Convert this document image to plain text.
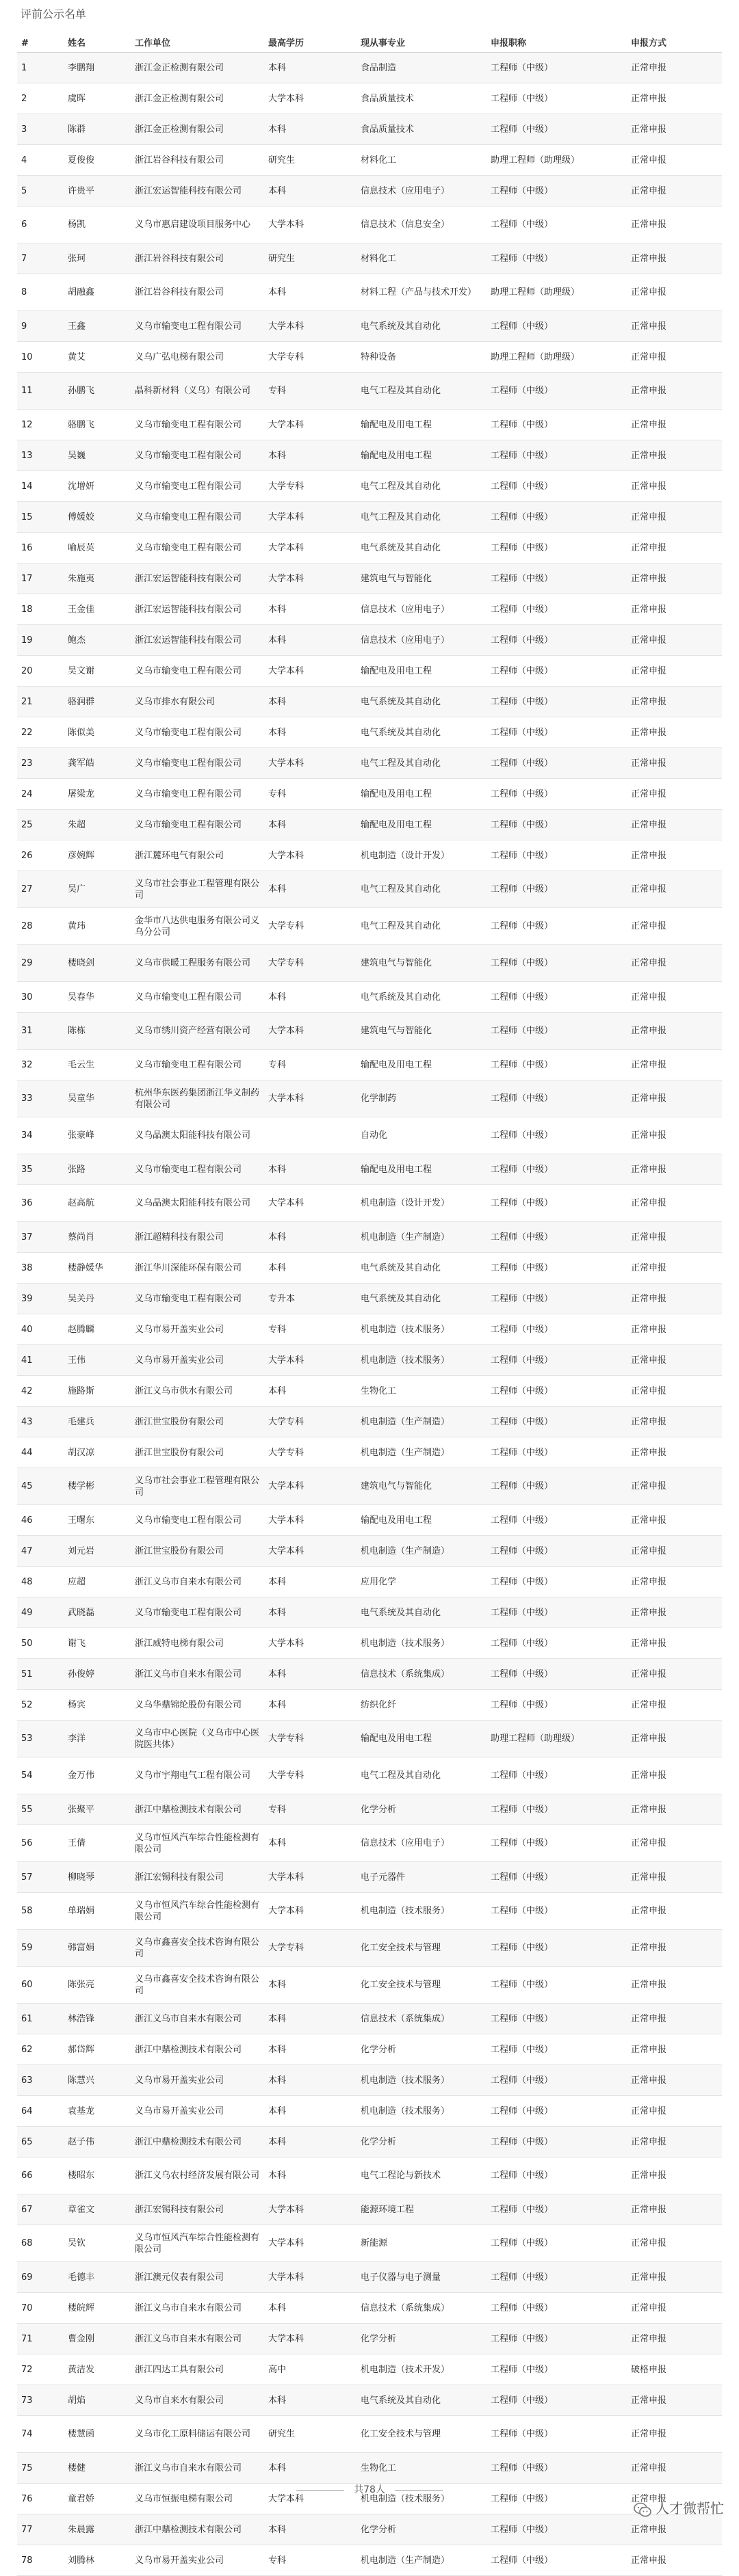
评前公示名单
#	姓名	工作单位	最高学历	现从事专业	申报职称	申报方式
1	李鹏翔	浙江金正检测有限公司	本科	食品制造	工程师（中级）	正常申报
2	虞晖	浙江金正检测有限公司	大学本科	食品质量技术	工程师（中级）	正常申报
3	陈群	浙江金正检测有限公司	本科	食品质量技术	工程师（中级）	正常申报
4	夏俊俊	浙江岩谷科技有限公司	研究生	材料化工	助理工程师（助理级）	正常申报
5	许贵平	浙江宏运智能科技有限公司	本科	信息技术（应用电子）	工程师（中级）	正常申报
6	杨凯	义乌市惠启建设项目服务中心	大学本科	信息技术（信息安全）	工程师（中级）	正常申报
7	张珂	浙江岩谷科技有限公司	研究生	材料化工	工程师（中级）	正常申报
8	胡融鑫	浙江岩谷科技有限公司	本科	材料工程（产品与技术开发）	助理工程师（助理级）	正常申报
9	王鑫	义乌市输变电工程有限公司	大学本科	电气系统及其自动化	工程师（中级）	正常申报
10	黄艾	义乌广弘电梯有限公司	大学专科	特种设备	助理工程师（助理级）	正常申报
11	孙鹏飞	晶科新材料（义乌）有限公司	专科	电气工程及其自动化	工程师（中级）	正常申报
12	骆鹏飞	义乌市输变电工程有限公司	大学本科	输配电及用电工程	工程师（中级）	正常申报
13	吴巍	义乌市输变电工程有限公司	本科	输配电及用电工程	工程师（中级）	正常申报
14	沈增妍	义乌市输变电工程有限公司	大学专科	电气工程及其自动化	工程师（中级）	正常申报
15	傅媛姣	义乌市输变电工程有限公司	大学本科	电气工程及其自动化	工程师（中级）	正常申报
16	喻辰英	义乌市输变电工程有限公司	大学本科	电气系统及其自动化	工程师（中级）	正常申报
17	朱施夷	浙江宏运智能科技有限公司	大学本科	建筑电气与智能化	工程师（中级）	正常申报
18	王金佳	浙江宏运智能科技有限公司	本科	信息技术（应用电子）	工程师（中级）	正常申报
19	鲍杰	浙江宏运智能科技有限公司	本科	信息技术（应用电子）	工程师（中级）	正常申报
20	吴文谢	义乌市输变电工程有限公司	大学本科	输配电及用电工程	工程师（中级）	正常申报
21	骆润群	义乌市排水有限公司	本科	电气系统及其自动化	工程师（中级）	正常申报
22	陈似美	义乌市输变电工程有限公司	本科	电气系统及其自动化	工程师（中级）	正常申报
23	龚军皓	义乌市输变电工程有限公司	大学本科	电气工程及其自动化	工程师（中级）	正常申报
24	屠梁龙	义乌市输变电工程有限公司	专科	输配电及用电工程	工程师（中级）	正常申报
25	朱超	义乌市输变电工程有限公司	本科	输配电及用电工程	工程师（中级）	正常申报
26	彦婉辉	浙江麓环电气有限公司	大学本科	机电制造（设计开发）	工程师（中级）	正常申报
27	吴广	义乌市社会事业工程管理有限公司	本科	电气工程及其自动化	工程师（中级）	正常申报
28	黄玮	金华市八达供电服务有限公司义乌分公司	大学专科	电气工程及其自动化	工程师（中级）	正常申报
29	楼晓剑	义乌市供暖工程服务有限公司	大学专科	建筑电气与智能化	工程师（中级）	正常申报
30	吴春华	义乌市输变电工程有限公司	本科	电气系统及其自动化	工程师（中级）	正常申报
31	陈栋	义乌市绣川资产经营有限公司	大学本科	建筑电气与智能化	工程师（中级）	正常申报
32	毛云生	义乌市输变电工程有限公司	专科	输配电及用电工程	工程师（中级）	正常申报
33	吴童华	杭州华东医药集团浙江华义制药有限公司	大学本科	化学制药	工程师（中级）	正常申报
34	张豪峰	义乌晶澳太阳能科技有限公司		自动化	工程师（中级）	正常申报
35	张路	义乌市输变电工程有限公司	本科	输配电及用电工程	工程师（中级）	正常申报
36	赵高航	义乌晶澳太阳能科技有限公司	大学本科	机电制造（设计开发）	工程师（中级）	正常申报
37	蔡尚肖	浙江超精科技有限公司	本科	机电制造（生产制造）	工程师（中级）	正常申报
38	楼静媛华	浙江华川深能环保有限公司	本科	电气系统及其自动化	工程师（中级）	正常申报
39	吴关丹	义乌市输变电工程有限公司	专升本	电气系统及其自动化	工程师（中级）	正常申报
40	赵腾麟	义乌市易开盖实业公司	专科	机电制造（技术服务）	工程师（中级）	正常申报
41	王伟	义乌市易开盖实业公司	大学本科	机电制造（技术服务）	工程师（中级）	正常申报
42	施路斯	浙江义乌市供水有限公司	本科	生物化工	工程师（中级）	正常申报
43	毛建兵	浙江世宝股份有限公司	大学专科	机电制造（生产制造）	工程师（中级）	正常申报
44	胡汉凉	浙江世宝股份有限公司	大学专科	机电制造（生产制造）	工程师（中级）	正常申报
45	楼学彬	义乌市社会事业工程管理有限公司	大学本科	建筑电气与智能化	工程师（中级）	正常申报
46	王曙东	义乌市输变电工程有限公司	大学本科	输配电及用电工程	工程师（中级）	正常申报
47	刘元岩	浙江世宝股份有限公司	大学本科	机电制造（生产制造）	工程师（中级）	正常申报
48	应超	浙江义乌市自来水有限公司	本科	应用化学	工程师（中级）	正常申报
49	武晓磊	义乌市输变电工程有限公司	本科	电气系统及其自动化	工程师（中级）	正常申报
50	谢飞	浙江威特电梯有限公司	大学本科	机电制造（技术服务）	工程师（中级）	正常申报
51	孙俊婷	浙江义乌市自来水有限公司	本科	信息技术（系统集成）	工程师（中级）	正常申报
52	杨宾	义乌华鼎锦纶股份有限公司	本科	纺织化纤	工程师（中级）	正常申报
53	李洋	义乌市中心医院（义乌市中心医院医共体）	大学专科	输配电及用电工程	助理工程师（助理级）	正常申报
54	金万伟	义乌市宇翔电气工程有限公司	大学专科	电气工程及其自动化	工程师（中级）	正常申报
55	张聚平	浙江中鼎检测技术有限公司	专科	化学分析	工程师（中级）	正常申报
56	王倩	义乌市恒风汽车综合性能检测有限公司	本科	信息技术（应用电子）	工程师（中级）	正常申报
57	柳晓琴	浙江宏锡科技有限公司	大学本科	电子元器件	工程师（中级）	正常申报
58	单瑞娟	义乌市恒风汽车综合性能检测有限公司	大学本科	机电制造（技术服务）	工程师（中级）	正常申报
59	韩富娟	义乌市鑫喜安全技术咨询有限公司	大学专科	化工安全技术与管理	工程师（中级）	正常申报
60	陈张亮	义乌市鑫喜安全技术咨询有限公司	本科	化工安全技术与管理	工程师（中级）	正常申报
61	林浩锋	浙江义乌市自来水有限公司	本科	信息技术（系统集成）	工程师（中级）	正常申报
62	郝岱辉	浙江中鼎检测技术有限公司	本科	化学分析	工程师（中级）	正常申报
63	陈慧兴	义乌市易开盖实业公司	本科	机电制造（技术服务）	工程师（中级）	正常申报
64	袁基龙	义乌市易开盖实业公司	本科	机电制造（技术服务）	工程师（中级）	正常申报
65	赵子伟	浙江中鼎检测技术有限公司	本科	化学分析	工程师（中级）	正常申报
66	楼昭东	浙江义乌农村经济发展有限公司	本科	电气工程论与新技术	工程师（中级）	正常申报
67	章雀文	浙江宏锡科技有限公司	大学本科	能源环境工程	工程师（中级）	正常申报
68	吴钦	义乌市恒风汽车综合性能检测有限公司	大学本科	新能源	工程师（中级）	正常申报
69	毛德丰	浙江澳元仪表有限公司	大学本科	电子仪器与电子测量	工程师（中级）	正常申报
70	楼皖辉	浙江义乌市自来水有限公司	本科	信息技术（系统集成）	工程师（中级）	正常申报
71	曹金刚	浙江义乌市自来水有限公司	大学本科	化学分析	工程师（中级）	正常申报
72	黄洁发	浙江四达工具有限公司	高中	机电制造（技术开发）	工程师（中级）	破格申报
73	胡焰	义乌市自来水有限公司	本科	电气系统及其自动化	工程师（中级）	正常申报
74	楼慧函	义乌市化工原料储运有限公司	研究生	化工安全技术与管理	工程师（中级）	正常申报
75	楼健	浙江义乌市自来水有限公司	本科	生物化工	工程师（中级）	正常申报
76	童君娇	义乌市恒振电梯有限公司	大学本科	机电制造（技术服务）	工程师（中级）	正常申报
77	朱晨露	浙江中鼎检测技术有限公司	本科	化学分析	工程师（中级）	正常申报
78	刘腾林	义乌市易开盖实业公司	专科	机电制造（生产制造）	工程师（中级）	正常申报
共78人
人才微帮忙
